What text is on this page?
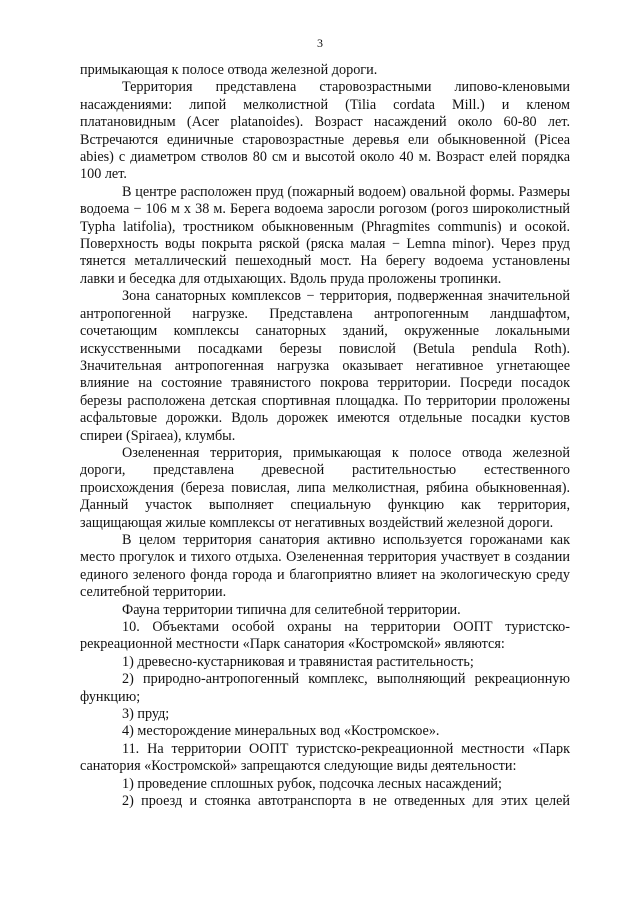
3

примыкающая к полосе отвода железной дороги.

Территория представлена старовозрастными липово-кленовыми насаждениями: липой мелколистной (Tilia cordata Mill.) и кленом платановидным (Acer platanoides). Возраст насаждений около 60-80 лет. Встречаются единичные старовозрастные деревья ели обыкновенной (Picea abies) с диаметром стволов 80 см и высотой около 40 м. Возраст елей порядка 100 лет.

В центре расположен пруд (пожарный водоем) овальной формы. Размеры водоема − 106 м х 38 м. Берега водоема заросли рогозом (рогоз широколистный Typha latifolia), тростником обыкновенным (Phragmites communis) и осокой. Поверхность воды покрыта ряской (ряска малая − Lemna minor). Через пруд тянется металлический пешеходный мост. На берегу водоема установлены лавки и беседка для отдыхающих. Вдоль пруда проложены тропинки.

Зона санаторных комплексов − территория, подверженная значительной антропогенной нагрузке. Представлена антропогенным ландшафтом, сочетающим комплексы санаторных зданий, окруженные локальными искусственными посадками березы повислой (Betula pendula Roth). Значительная антропогенная нагрузка оказывает негативное угнетающее влияние на состояние травянистого покрова территории. Посреди посадок березы расположена детская спортивная площадка. По территории проложены асфальтовые дорожки. Вдоль дорожек имеются отдельные посадки кустов спиреи (Spiraea), клумбы.

Озелененная территория, примыкающая к полосе отвода железной дороги, представлена древесной растительностью естественного происхождения (береза повислая, липа мелколистная, рябина обыкновенная). Данный участок выполняет специальную функцию как территория, защищающая жилые комплексы от негативных воздействий железной дороги.

В целом территория санатория активно используется горожанами как место прогулок и тихого отдыха. Озелененная территория участвует в создании единого зеленого фонда города и благоприятно влияет на экологическую среду селитебной территории.

Фауна территории типична для селитебной территории.

10. Объектами особой охраны на территории ООПТ туристско-рекреационной местности «Парк санатория «Костромской» являются:

1) древесно-кустарниковая и травянистая растительность;

2) природно-антропогенный комплекс, выполняющий рекреационную функцию;

3) пруд;

4) месторождение минеральных вод «Костромское».

11. На территории ООПТ туристско-рекреационной местности «Парк санатория «Костромской» запрещаются следующие виды деятельности:

1) проведение сплошных рубок, подсочка лесных насаждений;

2) проезд и стоянка автотранспорта в не отведенных для этих целей
